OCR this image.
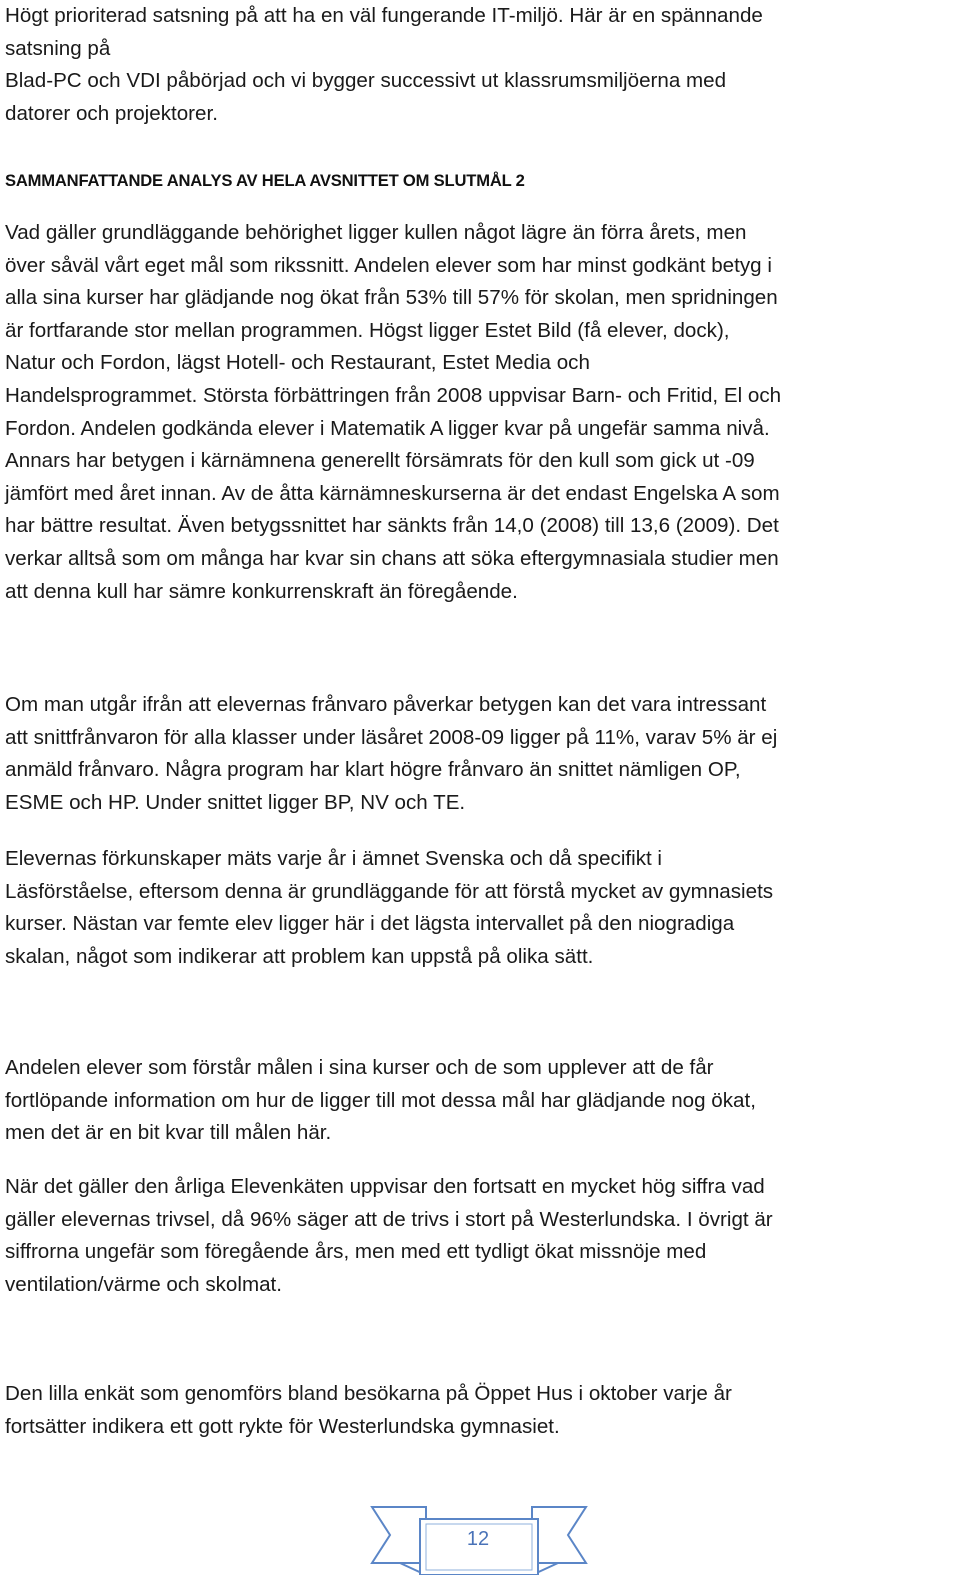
Högt prioriterad satsning på att ha en väl fungerande IT-miljö. Här är en spännande
satsning på
Blad-PC och VDI påbörjad och vi bygger successivt ut klassrumsmiljöerna med
datorer och projektorer.

SAMMANFATTANDE ANALYS AV HELA AVSNITTET OM SLUTMÅL 2

Vad gäller grundläggande behörighet ligger kullen något lägre än förra årets, men
över såväl vårt eget mål som rikssnitt. Andelen elever som har minst godkänt betyg i
alla sina kurser har glädjande nog ökat från 53% till 57% för skolan, men spridningen
är fortfarande stor mellan programmen. Högst ligger Estet Bild (få elever, dock),
Natur och Fordon, lägst Hotell- och Restaurant, Estet Media och
Handelsprogrammet. Största förbättringen från 2008 uppvisar Barn- och Fritid, El och
Fordon. Andelen godkända elever i Matematik A ligger kvar på ungefär samma nivå.
Annars har betygen i kärnämnena generellt försämrats för den kull som gick ut -09
jämfört med året innan. Av de åtta kärnämneskurserna är det endast Engelska A som
har bättre resultat. Även betygssnittet har sänkts från 14,0 (2008) till 13,6 (2009). Det
verkar alltså som om många har kvar sin chans att söka eftergymnasiala studier men
att denna kull har sämre konkurrenskraft än föregående.

Om man utgår ifrån att elevernas frånvaro påverkar betygen kan det vara intressant
att snittfrånvaron för alla klasser under läsåret 2008-09 ligger på 11%, varav 5% är ej
anmäld frånvaro. Några program har klart högre frånvaro än snittet nämligen OP,
ESME och HP. Under snittet ligger BP, NV och TE.

Elevernas förkunskaper mäts varje år i ämnet Svenska och då specifikt i
Läsförståelse, eftersom denna är grundläggande för att förstå mycket av gymnasiets
kurser. Nästan var femte elev ligger här i det lägsta intervallet på den niogradiga
skalan, något som indikerar att problem kan uppstå på olika sätt.

Andelen elever som förstår målen i sina kurser och de som upplever att de får
fortlöpande information om hur de ligger till mot dessa mål har glädjande nog ökat,
men det är en bit kvar till målen här.

När det gäller den årliga Elevenkäten uppvisar den fortsatt en mycket hög siffra vad
gäller elevernas trivsel, då 96% säger att de trivs i stort på Westerlundska. I övrigt är
siffrorna ungefär som föregående års, men med ett tydligt ökat missnöje med
ventilation/värme och skolmat.

Den lilla enkät som genomförs bland besökarna på Öppet Hus i oktober varje år
fortsätter indikera ett gott rykte för Westerlundska gymnasiet.

12
